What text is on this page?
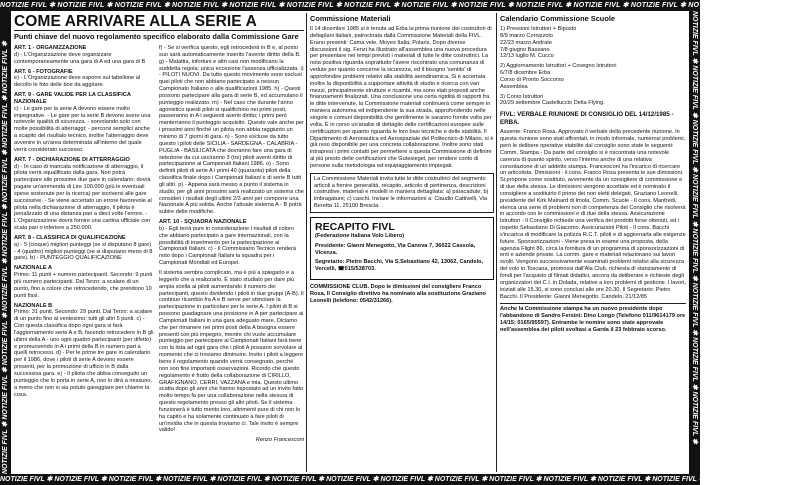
NOTIZIE FIVL ✱ NOTIZIE FIVL ✱ NOTIZIE FIVL ✱ NOTIZIE FIVL ✱ NOTIZIE FIVL ✱ NOTIZIE FIVL ✱ NOTIZIE FIVL ✱ NOTIZIE FIVL ✱ NOTIZIE FIVL ✱ NOTIZIE FIVL ✱ NOTIZIE FIVL ✱ NOTIZIE FIVL ✱ NOTIZIE FIVL ✱ NOTIZIE FIVL ✱
NOTIZIE FIVL ✱ NOTIZIE FIVL ✱ NOTIZIE FIVL ✱ NOTIZIE FIVL ✱ NOTIZIE FIVL ✱ NOTIZIE FIVL ✱ NOTIZIE FIVL ✱ NOTIZIE FIVL ✱ NOTIZIE FIVL ✱ NOTIZIE FIVL ✱ NOTIZIE FIVL ✱ NOTIZIE FIVL ✱ NOTIZIE FIVL ✱ NOTIZIE FIVL ✱
NOTIZIE FIVL ✱ NOTIZIE FIVL ✱ NOTIZIE FIVL ✱ NOTIZIE FIVL ✱ NOTIZIE FIVL ✱ NOTIZIE FIVL ✱ NOTIZIE FIVL ✱ NOTIZIE FIVL ✱	NOTIZIE FIVL ✱ NOTIZIE FIVL ✱ NOTIZIE FIVL ✱ NOTIZIE FIVL ✱ NOTIZIE FIVL ✱ NOTIZIE FIVL ✱ NOTIZIE FIVL ✱ NOTIZIE FIVL ✱
COME ARRIVARE ALLA SERIE A
Punti chiave del nuovo regolamento specifico elaborato dalla Commissione Gare
ART. 1 - ORGANIZZAZIONE

d) - L'Organizzazione deve organizzare contemporaneamente una gara di A ed una gara di B

ART. 6 - FOTOGRAFIE

e) - L'Organizzazione deve esporre sul tabellone al decollo le foto delle boe da aggirare.

ART. 9 - GARE VALIDE PER LA CLASSIFICA NAZIONALE

c) - Le gare per la serie A devono essere molto impegnative. - Le gare per la serie B devono avere una notevole qualità di sicurezza. - sorvolando solo con molte possibilità di atterraggi; - percorsi semplici anche a scapito del risultato tecnico, inoltre l'atterraggio deve avvenire in un'area determinata all'interno del quale verrà considerato successo.

ART. 7 - DICHIARAZIONE DI ATTERRAGGIO

d) - In caso di mancata notificazione di atterraggio, il pilota verrà squalificato dalla gara. Non potrà partecipare alle prossime due gare in calendario; dovrà pagare un'ammenda di Lire 100.000 (più le eventuali spese sostenute per la ricerca) per iscriversi alle gare successive. - Se viene accertato un errore favorevole al pilota nella dichiarazione di atterraggio, il pilota è penalizzato di una distanza pari a dieci volte l'errore. - L'Organizzazione dovrà fornire una cartina ufficiale con scala pari o inferiore a 250.000.

ART. 8 - CLASSIFICA DI QUALIFICAZIONE

a) - 5 (cinque) migliori punteggi (se si disputano 8 gare) - 4 (quattro) migliori punteggi (se si disputano meno di 8 gare). b) - PUNTEGGIO QUALIFICAZIONE

NAZIONALE A

Primo: 11 punti + numero partecipanti. Secondo: 9 punti più numero partecipanti. Dal Terzo: a scalare di un punto, fino a colore che retrocedendo, che prendono 10 punti fissi.

NAZIONALE B

Primo: 31 punti. Secondo: 29 punti. Dal Terzo: a scalare di un punto fino al ventesimo; tutti gli altri 5 punti. c) - Con questa classifica dopo ogni gara si farà l'aggiornamento serie A e B, facendo retrocedere in B gli ultimi della A - uno ogni quattro partecipanti (per difetto) e promuovendo in A i primi della B in numero pari a quelli retrocessi. d) - Per le prime tre gare in calendario per il 1986, dove i piloti di serie A devono essere presenti, per la promozione di ufficio in B dalla successiva gara. e) - Il pilota che abbia conseguito un punteggio che lo porta in serie A, non lo dirà a nessuno, a meno che non si sia potuto gareggiare per chiarire la cosa.

f) - Se si verifica questo, egli retrocederà in B e, al posto suo sarà automaticamente inserito l'avente diritto della B. g) - Malattia, infortuni e altri casi non modificano la suddetta regola; unica eccezione l'assenza ufficializzata. i) - PILOTI NUOVI. Da tutto questo movimento sono esclusi quei piloti che non abbiano partecipato a nessun Campionato Italiano o alle qualificazioni 1985. h) - Questi possono partecipare alla gara di serie B, ed accumulano il punteggio realizzato. m) - Nel caso che durante l'anno agonistico questi piloti si qualifichino nei primi posti, passeranno in A i seguenti aventi diritto; i primi però manterranno il punteggio acquisito. Questo vale anche per i prossimi anni finché un pilota non abbia raggiunto un minimo di 7 giorni di gara. n) - Sono escluse da tutto questo i piloti delle SICILIA - SARDEGNA - CALABRIA - PUGLIA - BASILICATA che dovranno fare una gara di selezione da cui usciranno 3 (tre) piloti aventi diritto di partecipazione ai Campionati Italiani 1986. o) - Sono definiti piloti di serie A i primi 40 (quaranta) piloti della classifica finale dopo i Campionati Italiani e di serie B tutti gli altri. p) - Appena sarà messo a punto il sistema in studio, per gli anni prossimi sarà realizzato un sistema che consideri i risultati degli ultimi 2/3 anni per comporre una Nazionale A più solida. Anche l'attuale sistema A - B potrà subire delle modifiche.

ART. 10 - SQUADRA NAZIONALE

b) - Egli terrà pure in considerazione i risultati di coloro che abbiano partecipato a gare internazionali, con la possibilità di inserimento per la partecipazione ai Campionati Italiani. c) - Il Commissario Tecnico renderà noto dopo i Campionati Italiani la squadra per i Campionati Mondiali ed Europei.

Il sistema sembra complicato, ma è più a spiegarlo e a leggerlo che a realizzarlo. È stato studiato per dare più ampia scelta ai piloti aumentando il numero dei partecipanti, questo dividendo i piloti in due gruppi (A-B). Il continuo ricambio fra A e B serve per stimolare la partecipazione in particolare per le serie A. I piloti di B si possono guadagnare una posizione in A per partecipare ai Campionati Italiani in una gara adeguato mare. Diciamo che per rimanere nei primi posti della A bisogna essere presenti con più impegno, mentre chi vuole accumulare punteggio per partecipare ai Campionati Italiani farà bene con la lista ad ogni gara che i piloti A possano sorvolare al momento che ci troviamo diminuire. Invito i piloti a leggere bene il regolamento quando verrà consegnato, perché non son fine importanti osservazioni. Ricordo che questo regolamento è frutto della collaborazione di CIRILLO, GRAFIGNANO, CERRI, VAZZANA e mia. Questo ultimo scatta dopo gli anni che hanno rispostato ad un invito fatto molto tempo fa per una collaborazione nella stesura di questo regolamento presso gli altri piloti. Se il sistema funzionerà è tutto merito loro, altrimenti pure di chi non lo ha capito e ha solamente continuato a fare piloti di un'invidia che in questa troviamo ci. Tale invito è sempre valido!

Renzo Francesconi

Commissione Materiali

Il 14 dicembre 1985 si è tenuta ad Erba la prima riunione dei costruttori di deltaplani italiani, patrocinata dalla Commissione Materiali della FIVL. Erano presenti: Cama vele, Moyes Italia, Polaris. Dopo diverse discussioni il sig. Fenzi ha illustrato all'assemblea una nuova procedura per presentare nei tempi previsti i materiali di tutte le ditte costruttrici. La nota positiva riguarda soprattutto l'avere riscontrato una comunanza di vedute per quanto concerne la sicurezza, ed il bisogno 'sentito' di approfondire problemi relativi alla stabilità aerodinamica. Si è accertata inoltre la disponibilità a supportare attività di studio e ricerca con vari mezzi, principalmente strutture e ricambi, ma sono stati proposti anche finanziamenti finalizzati. Una conclusione una certa rigidità di rapporti fra le ditte intervenute, la Commissione materiali continuerà come sempre in maniera autonoma ed indipendente la sua strada, approfondendo nelle singole e comuni disponibilità che gentilmente le saranno fornite volta per volta. È in corso un'analisi di dettaglio delle certificazioni europee sulle certificazioni per quanto riguarda le loro basi tecniche e delle stabilità. Il Dipartimento di Aeronautica ed Aerospaziale del Politecnico di Milano, si è già reso disponibile per una concreta collaborazione. Inoltre sono stati intrapresi i primi contatti per permettere a questa Commissione di definire al più presto delle certificazioni che Gutesiegel, per rendere conto di persone sulla metodologia ed equipaggiamento impiegati.

La Commissione Materiali invita tutte le ditte costruttrici del segmento articoli a fornire generalità, recapito, articolo di pertinenza, descrizioni costruttive, materiali e modelli in maniera dettagliata: a) paracadute; b) imbragature; c) caschi. Inviare le informazioni a: Claudio Cattivelli, Via Beretta 11, 25100 Brescia.
RECAPITO FIVL

(Federazione Italiana Volo Libero)

Presidente: Gianni Menegotto, Via Canova 7, 36022 Cassola, Vicenza.

Segretario: Pietro Bacchi, Via S.Sebastiano 42, 13062, Candelo, Vercelli, ☎015/538703.

COMMISSIONE CLUB. Dopo le dimissioni del consigliere Franco Rosa, Il Consiglio direttivo ha nominato alla sostituzione Graziano Leonelli (telefono: 0542/31266).

Calendario Commissione Scuole
1) Pressioni Istruttori + Biposto
8/9 marzo Cornizzolo
22/23 marzo Andrate
7/8 giugno Bassano
12/13 luglio M. Cucco
2) Aggiornamento Istruttori + Covegno Istruttori
6/7/8 dicembre Erba
Corso di Pronto Soccorso
Assemblea
3) Corso Istruttori
20/29 settembre Castelluccio Delta Flying.
FIVL: VERBALE RIUNIONE DI CONSIGLIO DEL 14/12/1985 - ERBA.

Assente: Franco Rosa. Approvato il verbale della precedente riunione. In questa riunione sono stati affrontati, in modo informale, numerosi problemi, però le delibere operative stabilite dal consiglio sono state le seguenti: Comm. Stampa - Da parte del consiglio si è riscontrata una notevole carenza di quanto spinto, verso l'interno anche di una relativa consolazione di un addetto stampa. Francesconi ha l'incarico di ricercare un articolista. Dimissioni - il cons. Franco Rosa presenta le sue dimissioni. Si propone come sostituto, avvenente da un consigliere di commissione e di due della stessa. Le dimissioni vengono accettate ed è nominato il consigliere a sostituirlo il primo dei non eletti delegati, Graziano Leonelli, presidente del Kirk Mainard di Imola. Comm. Scuole - Il cons. Manfredi, elenca una serie di problemi non di competenza del Consiglio che risolverà in accordo con le commissioni e di due della stessa. Assicurazione Istruttori - Il Consiglio richiede una verifica dei prodotti forse ottenuti, ed i rispetto Sebastiano Di Giacomo. Assicurazioni Piloti - Il cons. Bacchi s'incarica di modificare la polizza R.C.T. piloti e di aggiornarla alle esigenze future. Sponsorizzazioni - Viene presa in esame una proposta, della agenzia Flight 86, circa la fornitura di un programma di sponsorizzazioni di enti e aziende private. La comm. gare e materiali relazionano sui lavori svolti. Vengono successivamente esaminati problemi relativi alla sicurezza del volo in Toscana, promossi dall'Ala Club, richiesta di stanziamento di fondi per l'acquisto di filmati didattici, ancora da deliberare e richieste degli organizzatori dei C.I. in Dolada, relative a loro problemi di gestione. I lavori, iniziati alle 15.30, si sono conclusi alle ore 20.30. Il Segretario: Pietro Bacchi. Il Presidente: Gianni Menegotto. Candelo, 21/12/85

Anche la Commissione stampa ha un nuovo presidente dopo l'abbandono di Sandro Fersini: Dino Longo (Telefono 011/9614179 ore 14/15; 0165/95597). Entrambe le nomine sono state approvate nell'assemblea dei piloti svoltasi a Garda il 23 febbraio scorso.
